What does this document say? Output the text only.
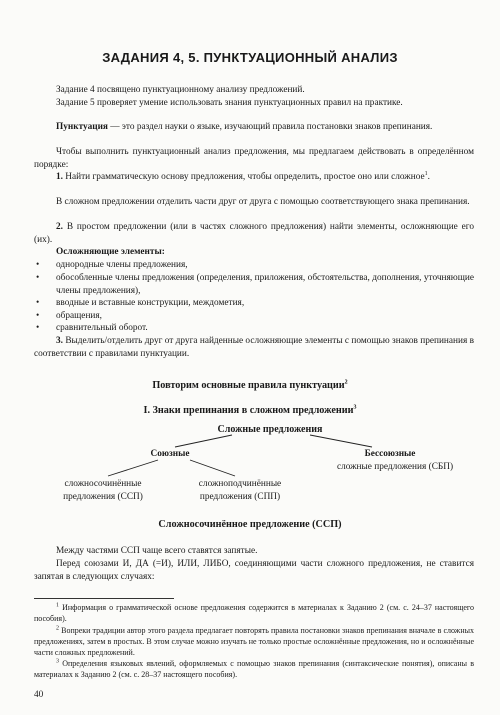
ЗАДАНИЯ 4, 5. ПУНКТУАЦИОННЫЙ АНАЛИЗ
Задание 4 посвящено пунктуационному анализу предложений.
Задание 5 проверяет умение использовать знания пунктуационных правил на практике.
Пунктуация — это раздел науки о языке, изучающий правила постановки знаков препинания.
Чтобы выполнить пунктуационный анализ предложения, мы предлагаем действовать в определённом порядке:
1. Найти грамматическую основу предложения, чтобы определить, простое оно или сложное$^1$.
В сложном предложении отделить части друг от друга с помощью соответствующего знака препинания.
2. В простом предложении (или в частях сложного предложения) найти элементы, осложняющие его (их).
Осложняющие элементы:
• однородные члены предложения,
• обособленные члены предложения (определения, приложения, обстоятельства, дополнения, уточняющие члены предложения),
• вводные и вставные конструкции, междометия,
• обращения,
• сравнительный оборот.
3. Выделить/отделить друг от друга найденные осложняющие элементы с помощью знаков препинания в соответствии с правилами пунктуации.
Повторим основные правила пунктуации$^2$
I. Знаки препинания в сложном предложении$^3$
Сложные предложения
Союзные	Бессоюзные
сложные предложения (СБП)
сложносочинённые
предложения (ССП)
сложноподчинённые
предложения (СПП)
Сложносочинённое предложение (ССП)
Между частями ССП чаще всего ставятся запятые.
Перед союзами И, ДА (=И), ИЛИ, ЛИБО, соединяющими части сложного предложения, не ставится запятая в следующих случаях:
$^1$ Информация о грамматической основе предложения содержится в материалах к Заданию 2 (см. с. 24–37 настоящего пособия).
$^2$ Вопреки традиции автор этого раздела предлагает повторять правила постановки знаков препинания вначале в сложных предложениях, затем в простых. В этом случае можно изучать не только простые осложнённые предложения, но и осложнённые части сложных предложений.
$^3$ Определения языковых явлений, оформляемых с помощью знаков препинания (синтаксические понятия), описаны в материалах к Заданию 2 (см. с. 28–37 настоящего пособия).
40
